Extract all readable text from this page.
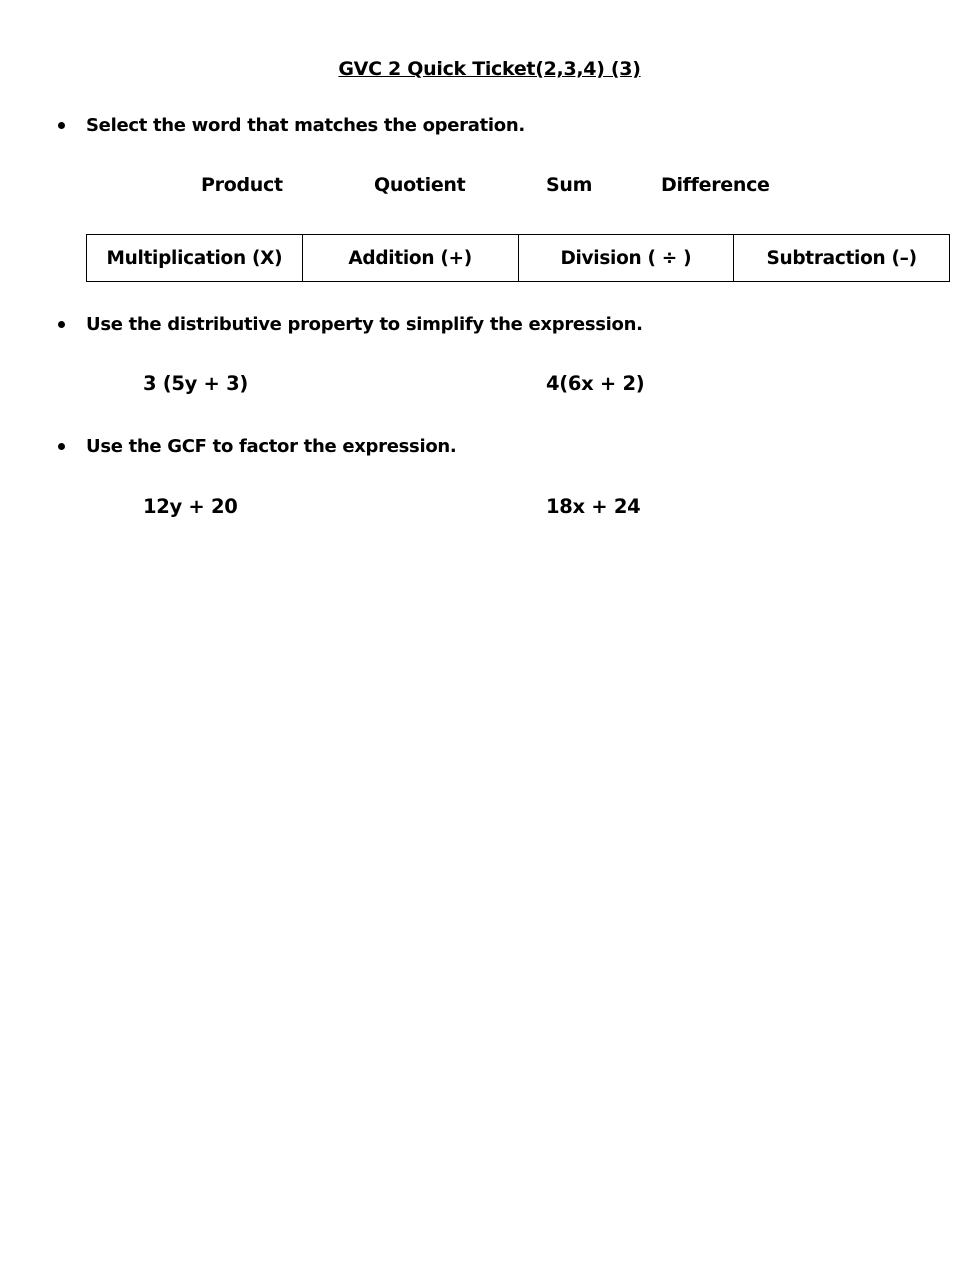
GVC 2 Quick Ticket(2,3,4) (3)
Select the word that matches the operation.
Product	Quotient	Sum	Difference
Multiplication (X)	Addition (+)	Division ( ÷ )	Subtraction (–)
Use the distributive property to simplify the expression.
3 (5y + 3)	4(6x + 2)
Use the GCF to factor the expression.
12y + 20	18x + 24
